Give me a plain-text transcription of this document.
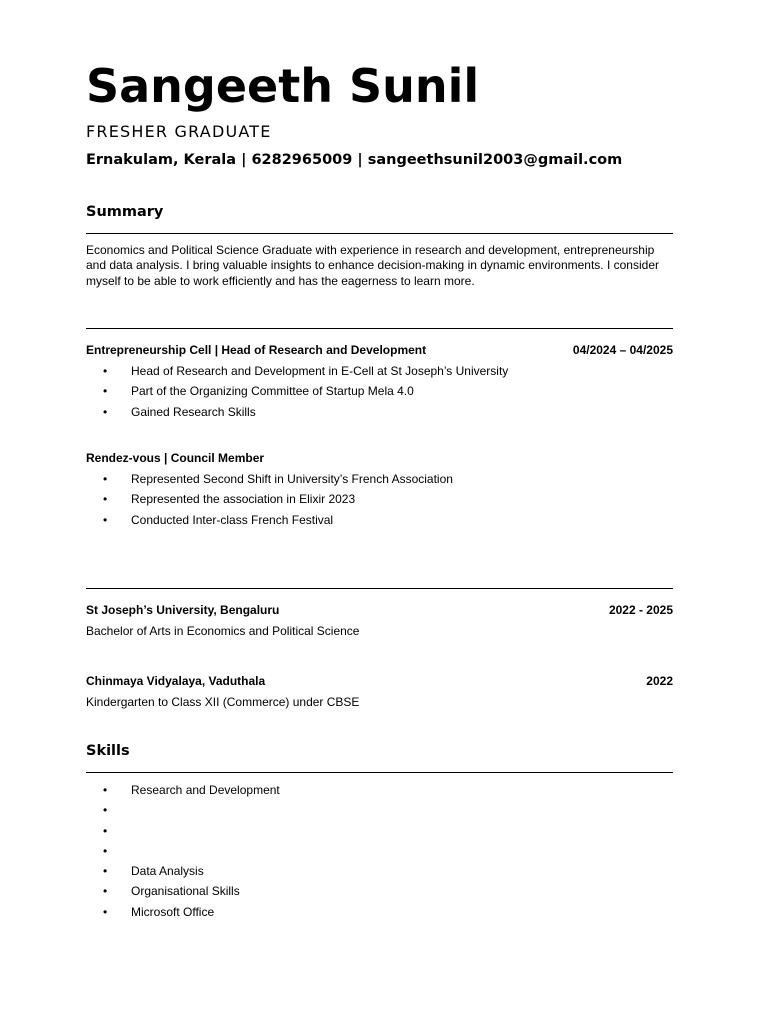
Sangeeth Sunil
FRESHER GRADUATE
Ernakulam, Kerala | 6282965009 | sangeethsunil2003@gmail.com
Summary
Economics and Political Science Graduate with experience in research and development, entrepreneurship and data analysis. I bring valuable insights to enhance decision-making in dynamic environments. I consider myself to be able to work efficiently and has the eagerness to learn more.
Entrepreneurship Cell | Head of Research and Development	04/2024 – 04/2025
• Head of Research and Development in E-Cell at St Joseph’s University
• Part of the Organizing Committee of Startup Mela 4.0
• Gained Research Skills
Rendez-vous | Council Member
• Represented Second Shift in University’s French Association
• Represented the association in Elixir 2023
• Conducted Inter-class French Festival
St Joseph’s University, Bengaluru	2022 - 2025
Bachelor of Arts in Economics and Political Science
Chinmaya Vidyalaya, Vaduthala	2022
Kindergarten to Class XII (Commerce) under CBSE
Skills
• Research and Development
•
•
•
• Data Analysis
• Organisational Skills
• Microsoft Office
